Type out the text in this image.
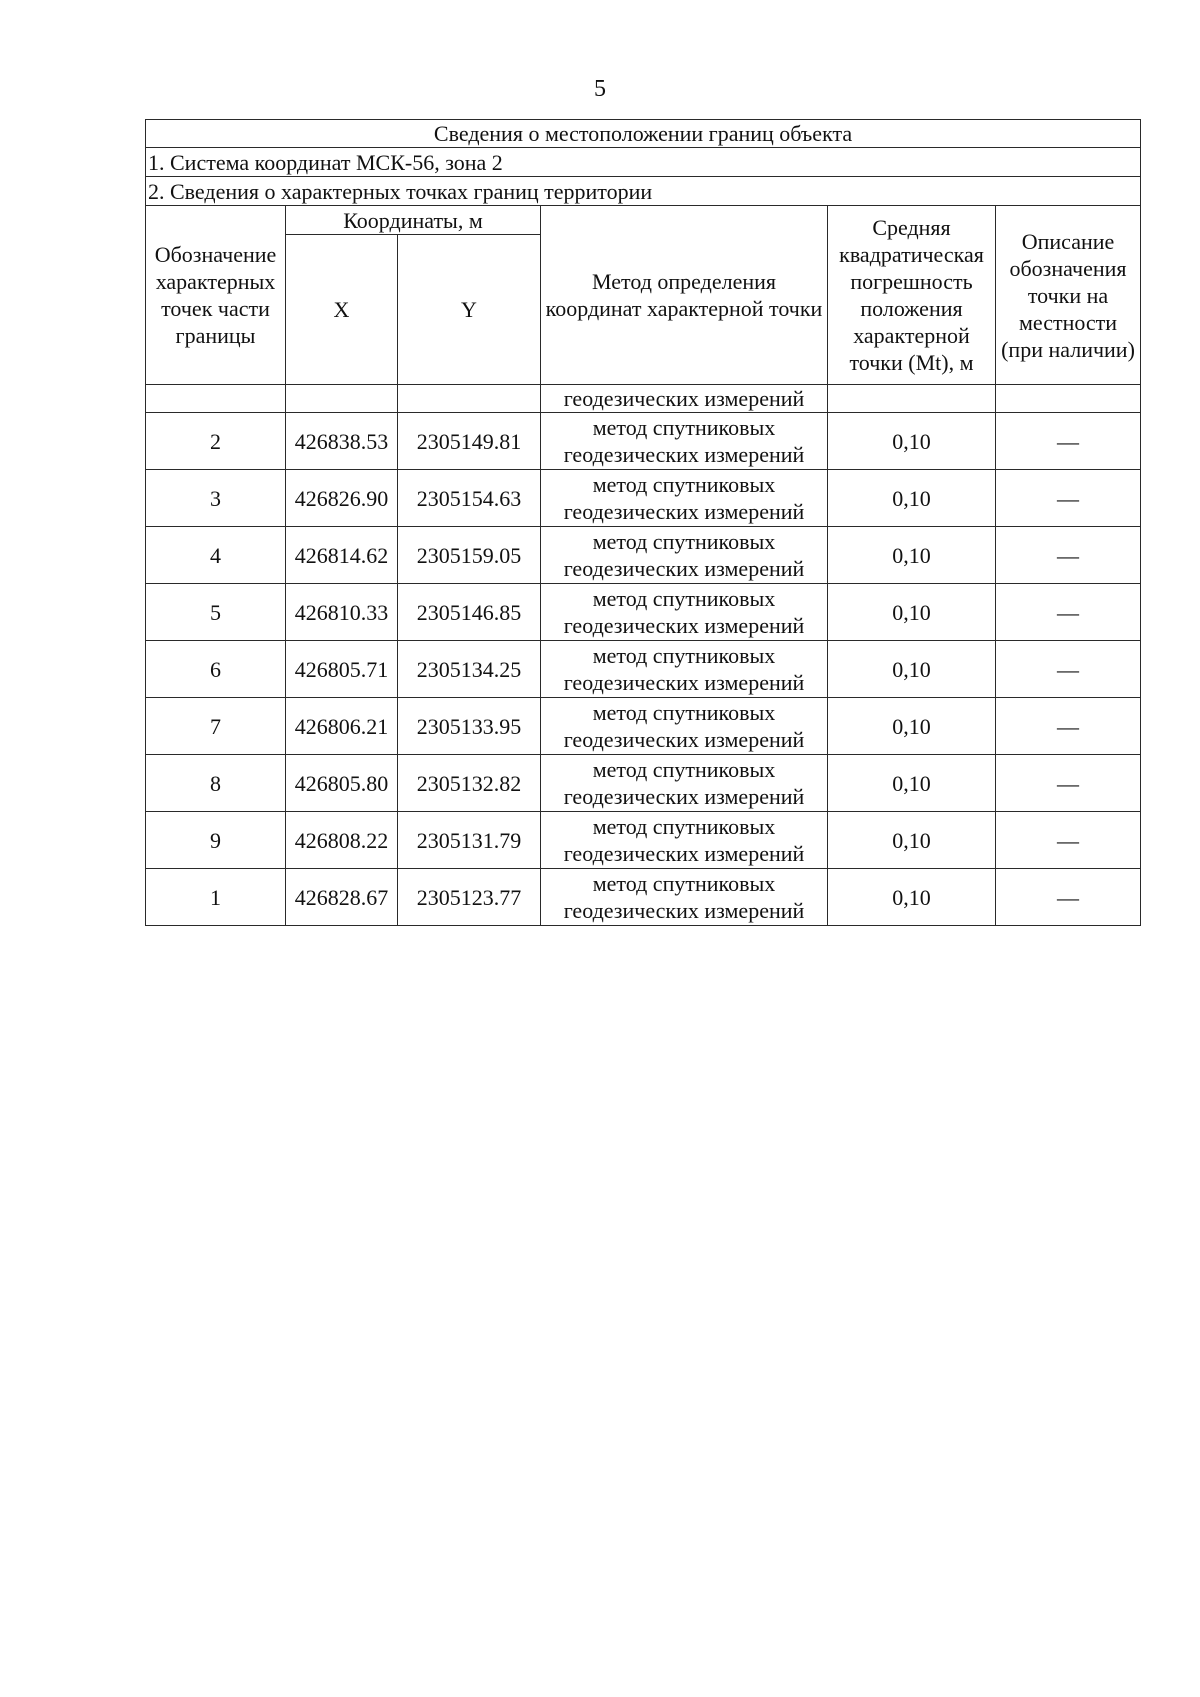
5
Сведения о местоположении границ объекта					
1. Система координат МСК-56, зона 2					
2. Сведения о характерных точках границ территории					
Обозначение характерных точек части границы	Координаты, м		Метод определения координат характерной точки	Средняя квадратическая погрешность положения характерной точки (Mt), м	Описание обозначения точки на местности (при наличии)
	X	Y			
			геодезических измерений		
2	426838.53	2305149.81	метод спутниковых геодезических измерений	0,10	—
3	426826.90	2305154.63	метод спутниковых геодезических измерений	0,10	—
4	426814.62	2305159.05	метод спутниковых геодезических измерений	0,10	—
5	426810.33	2305146.85	метод спутниковых геодезических измерений	0,10	—
6	426805.71	2305134.25	метод спутниковых геодезических измерений	0,10	—
7	426806.21	2305133.95	метод спутниковых геодезических измерений	0,10	—
8	426805.80	2305132.82	метод спутниковых геодезических измерений	0,10	—
9	426808.22	2305131.79	метод спутниковых геодезических измерений	0,10	—
1	426828.67	2305123.77	метод спутниковых геодезических измерений	0,10	—
